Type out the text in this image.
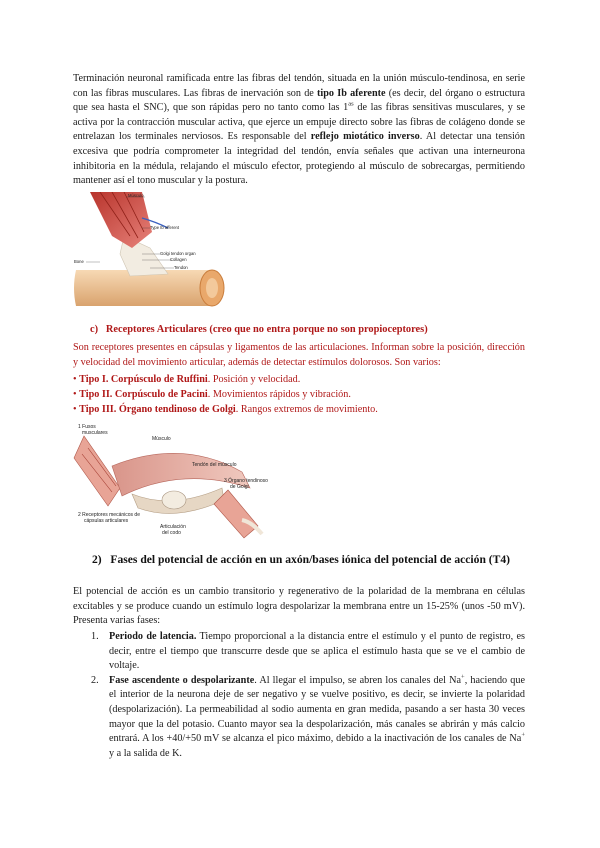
Terminación neuronal ramificada entre las fibras del tendón, situada en la unión músculo-tendinosa, en serie con las fibras musculares. Las fibras de inervación son de tipo Ib aferente (es decir, del órgano o estructura que sea hasta el SNC), que son rápidas pero no tanto como las $1^{as}$ de las fibras sensitivas musculares, y se activa por la contracción muscular activa, que ejerce un empuje directo sobre las fibras de colágeno donde se entrelazan los terminales nerviosos. Es responsable del reflejo miotático inverso. Al detectar una tensión excesiva que podría comprometer la integridad del tendón, envía señales que activan una interneurona inhibitoria en la médula, relajando el músculo efector, protegiendo al músculo de sobrecargas, permitiendo mantener así el tono muscular y la postura.

Músculo
Type Ib afferent
Golgi tendon organ
Collagen
Tendon
Bone
c) Receptores Articulares (creo que no entra porque no son propioceptores)

Son receptores presentes en cápsulas y ligamentos de las articulaciones. Informan sobre la posición, dirección y velocidad del movimiento articular, además de detectar estímulos dolorosos. Son varios:

• Tipo I. Corpúsculo de Ruffini. Posición y velocidad.
• Tipo II. Corpúsculo de Pacini. Movimientos rápidos y vibración.
• Tipo III. Órgano tendinoso de Golgi. Rangos extremos de movimiento.
1 Fusos
musculares
Músculo
Tendón del músculo
3 Órgano tendinoso
de Golgi
2 Receptores mecánicos de
cápsulas articulares
Articulación
del codo
2) Fases del potencial de acción en un axón/bases iónica del potencial de acción (T4)

El potencial de acción es un cambio transitorio y regenerativo de la polaridad de la membrana en células excitables y se produce cuando un estímulo logra despolarizar la membrana entre un 15-25% (unos -50 mV). Presenta varias fases:

1. Periodo de latencia. Tiempo proporcional a la distancia entre el estímulo y el punto de registro, es decir, entre el tiempo que transcurre desde que se aplica el estímulo hasta que se ve el cambio de voltaje.
2. Fase ascendente o despolarizante. Al llegar el impulso, se abren los canales del Na+, haciendo que el interior de la neurona deje de ser negativo y se vuelve positivo, es decir, se invierte la polaridad (despolarización). La permeabilidad al sodio aumenta en gran medida, pasando a ser hasta 30 veces mayor que la del potasio. Cuanto mayor sea la despolarización, más canales se abrirán y más calcio entrará. A los +40/+50 mV se alcanza el pico máximo, debido a la inactivación de los canales de Na+ y a la salida de K.
